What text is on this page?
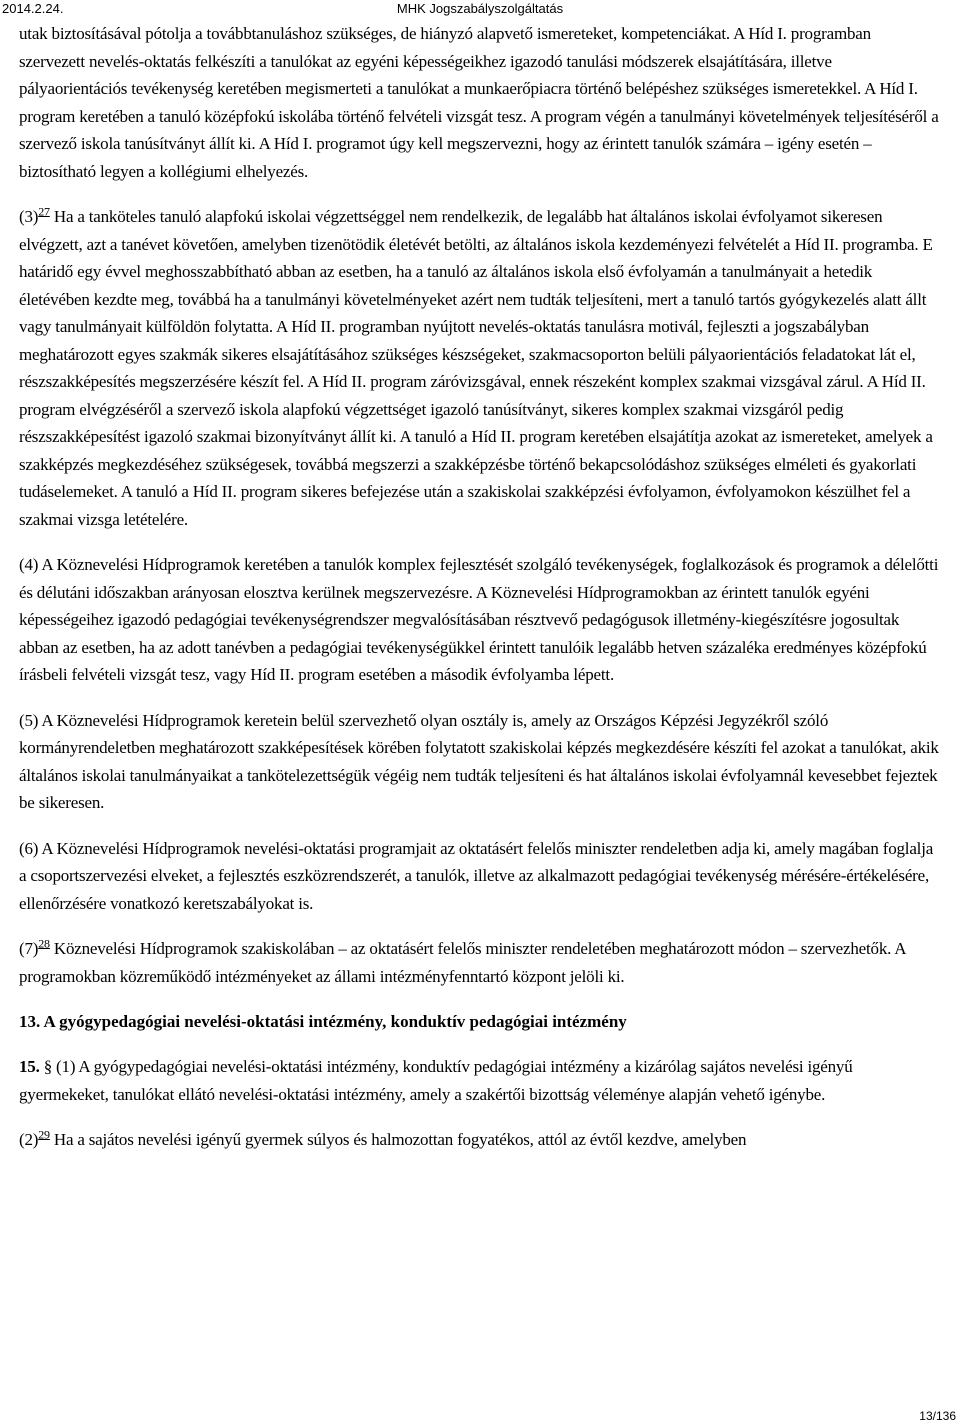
2014.2.24.	MHK Jogszabályszolgáltatás

utak biztosításával pótolja a továbbtanuláshoz szükséges, de hiányzó alapvető ismereteket, kompetenciákat. A Híd I. programban szervezett nevelés-oktatás felkészíti a tanulókat az egyéni képességeikhez igazodó tanulási módszerek elsajátítására, illetve pályaorientációs tevékenység keretében megismerteti a tanulókat a munkaerőpiacra történő belépéshez szükséges ismeretekkel. A Híd I. program keretében a tanuló középfokú iskolába történő felvételi vizsgát tesz. A program végén a tanulmányi követelmények teljesítéséről a szervező iskola tanúsítványt állít ki. A Híd I. programot úgy kell megszervezni, hogy az érintett tanulók számára – igény esetén – biztosítható legyen a kollégiumi elhelyezés.

$(3)^{27}$ Ha a tanköteles tanuló alapfokú iskolai végzettséggel nem rendelkezik, de legalább hat általános iskolai évfolyamot sikeresen elvégzett, azt a tanévet követően, amelyben tizenötödik életévét betölti, az általános iskola kezdeményezi felvételét a Híd II. programba. E határidő egy évvel meghosszabbítható abban az esetben, ha a tanuló az általános iskola első évfolyamán a tanulmányait a hetedik életévében kezdte meg, továbbá ha a tanulmányi követelményeket azért nem tudták teljesíteni, mert a tanuló tartós gyógykezelés alatt állt vagy tanulmányait külföldön folytatta. A Híd II. programban nyújtott nevelés-oktatás tanulásra motivál, fejleszti a jogszabályban meghatározott egyes szakmák sikeres elsajátításához szükséges készségeket, szakmacsoporton belüli pályaorientációs feladatokat lát el, részszakképesítés megszerzésére készít fel. A Híd II. program záróvizsgával, ennek részeként komplex szakmai vizsgával zárul. A Híd II. program elvégzéséről a szervező iskola alapfokú végzettséget igazoló tanúsítványt, sikeres komplex szakmai vizsgáról pedig részszakképesítést igazoló szakmai bizonyítványt állít ki. A tanuló a Híd II. program keretében elsajátítja azokat az ismereteket, amelyek a szakképzés megkezdéséhez szükségesek, továbbá megszerzi a szakképzésbe történő bekapcsolódáshoz szükséges elméleti és gyakorlati tudáselemeket. A tanuló a Híd II. program sikeres befejezése után a szakiskolai szakképzési évfolyamon, évfolyamokon készülhet fel a szakmai vizsga letételére.

(4) A Köznevelési Hídprogramok keretében a tanulók komplex fejlesztését szolgáló tevékenységek, foglalkozások és programok a délelőtti és délutáni időszakban arányosan elosztva kerülnek megszervezésre. A Köznevelési Hídprogramokban az érintett tanulók egyéni képességeihez igazodó pedagógiai tevékenységrendszer megvalósításában résztvevő pedagógusok illetmény-kiegészítésre jogosultak abban az esetben, ha az adott tanévben a pedagógiai tevékenységükkel érintett tanulóik legalább hetven százaléka eredményes középfokú írásbeli felvételi vizsgát tesz, vagy Híd II. program esetében a második évfolyamba lépett.

(5) A Köznevelési Hídprogramok keretein belül szervezhető olyan osztály is, amely az Országos Képzési Jegyzékről szóló kormányrendeletben meghatározott szakképesítések körében folytatott szakiskolai képzés megkezdésére készíti fel azokat a tanulókat, akik általános iskolai tanulmányaikat a tankötelezettségük végéig nem tudták teljesíteni és hat általános iskolai évfolyamnál kevesebbet fejeztek be sikeresen.

(6) A Köznevelési Hídprogramok nevelési-oktatási programjait az oktatásért felelős miniszter rendeletben adja ki, amely magában foglalja a csoportszervezési elveket, a fejlesztés eszközrendszerét, a tanulók, illetve az alkalmazott pedagógiai tevékenység mérésére-értékelésére, ellenőrzésére vonatkozó keretszabályokat is.

$(7)^{28}$ Köznevelési Hídprogramok szakiskolában – az oktatásért felelős miniszter rendeletében meghatározott módon – szervezhetők. A programokban közreműködő intézményeket az állami intézményfenntartó központ jelöli ki.

13. A gyógypedagógiai nevelési-oktatási intézmény, konduktív pedagógiai intézmény

15. § (1) A gyógypedagógiai nevelési-oktatási intézmény, konduktív pedagógiai intézmény a kizárólag sajátos nevelési igényű gyermekeket, tanulókat ellátó nevelési-oktatási intézmény, amely a szakértői bizottság véleménye alapján vehető igénybe.

$(2)^{29}$ Ha a sajátos nevelési igényű gyermek súlyos és halmozottan fogyatékos, attól az évtől kezdve, amelyben

13/136
